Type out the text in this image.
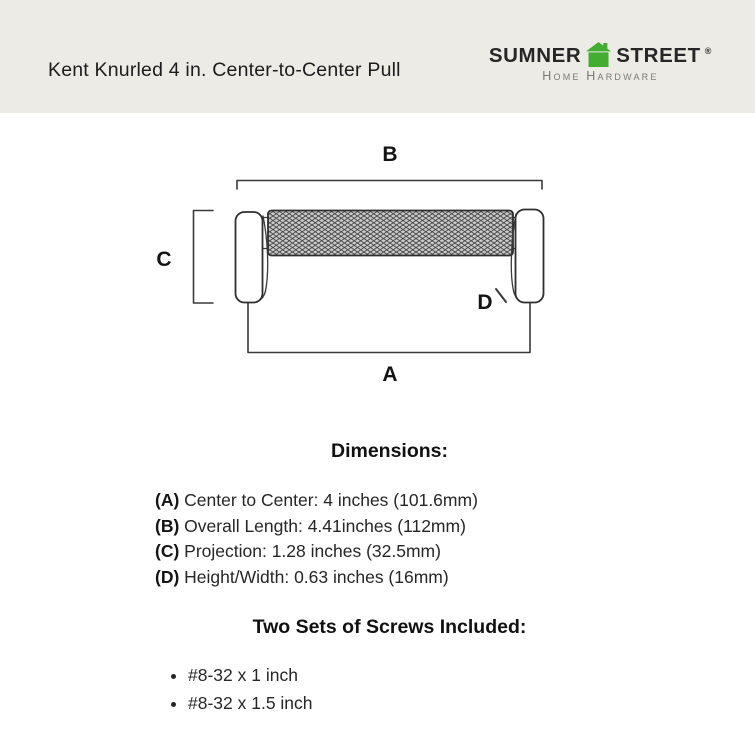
Kent Knurled 4 in. Center-to-Center Pull
SUMNER STREET ®
Home Hardware
B
C
D
A
Dimensions:
(A) Center to Center: 4 inches (101.6mm)
(B) Overall Length: 4.41inches (112mm)
(C) Projection: 1.28 inches (32.5mm)
(D) Height/Width: 0.63 inches (16mm)
Two Sets of Screws Included:
• #8-32 x 1 inch
• #8-32 x 1.5 inch
